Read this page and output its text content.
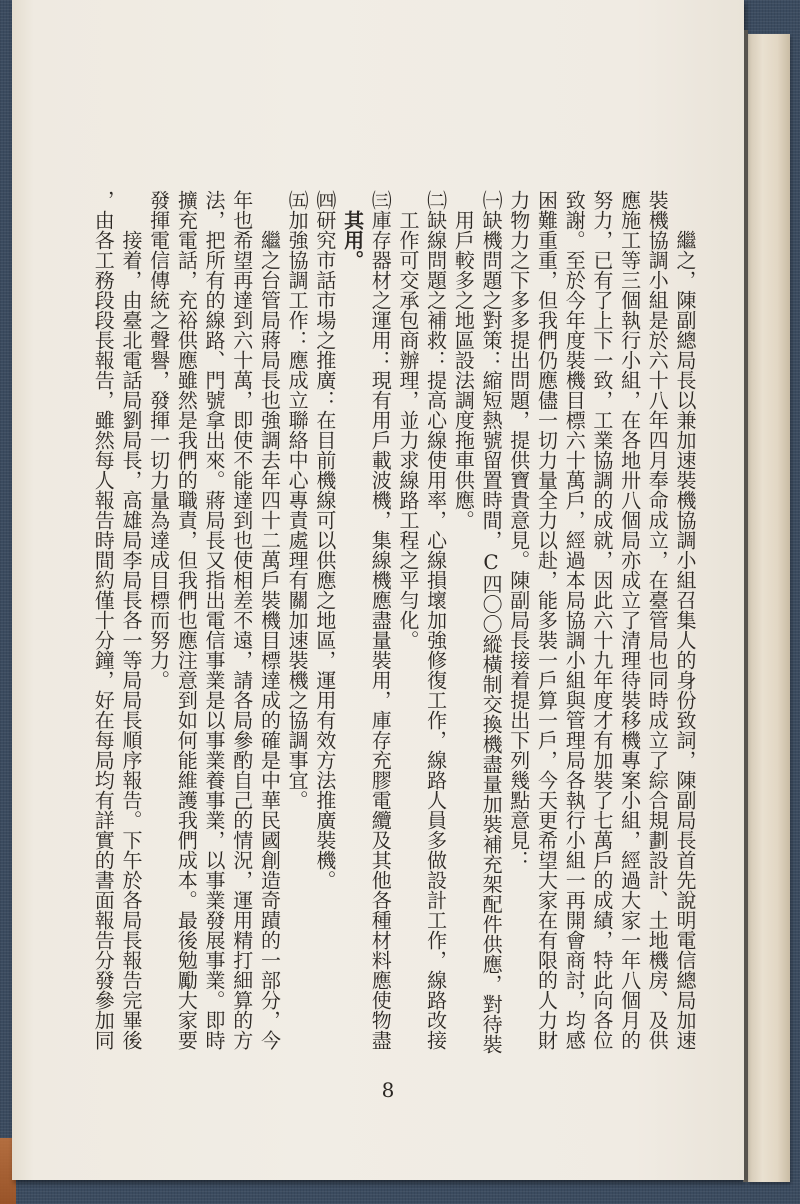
繼之，陳副總局長以兼加速裝機協調小組召集人的身份致詞，陳副局長首先說明電信總局加速
裝機協調小組是於六十八年四月奉命成立，在臺管局也同時成立了綜合規劃設計、土地機房、及供
應施工等三個執行小組，在各地卅八個局亦成立了清理待裝移機專案小組，經過大家一年八個月的
努力，已有了上下一致，工業協調的成就，因此六十九年度才有加裝了七萬戶的成績，特此向各位
致謝。至於今年度裝機目標六十萬戶，經過本局協調小組與管理局各執行小組一再開會商討，均感
困難重重，但我們仍應儘一切力量全力以赴，能多裝一戶算一戶，今天更希望大家在有限的人力財
力物力之下多多提出問題，提供寶貴意見。陳副局長接着提出下列幾點意見：
㈠缺機問題之對策：縮短熱號留置時間，C四〇〇縱橫制交換機盡量加裝補充架配件供應，對待裝
用戶較多之地區設法調度拖車供應。
㈡缺線問題之補救：提高心線使用率，心線損壞加強修復工作，線路人員多做設計工作，線路改接
工作可交承包商辦理，並力求線路工程之平勻化。
㈢庫存器材之運用：現有用戶載波機，集線機應盡量裝用，庫存充膠電纜及其他各種材料應使物盡
其用。
㈣研究市話市場之推廣：在目前機線可以供應之地區，運用有效方法推廣裝機。
㈤加強協調工作：應成立聯絡中心專責處理有關加速裝機之協調事宜。
繼之台管局蔣局長也強調去年四十二萬戶裝機目標達成的確是中華民國創造奇蹟的一部分，今
年也希望再達到六十萬，即使不能達到也使相差不遠，請各局參酌自己的情況，運用精打細算的方
法，把所有的線路、門號拿出來。蔣局長又指出電信事業是以事業養事業，以事業發展事業。即時
擴充電話，充裕供應雖然是我們的職責，但我們也應注意到如何能維護我們成本。最後勉勵大家要
發揮電信傳統之聲譽，發揮一切力量為達成目標而努力。
接着，由臺北電話局劉局長，高雄局李局長各一等局局長順序報告。下午於各局長報告完畢後
，由各工務段段長報告，雖然每人報告時間約僅十分鐘，好在每局均有詳實的書面報告分發參加同
8
